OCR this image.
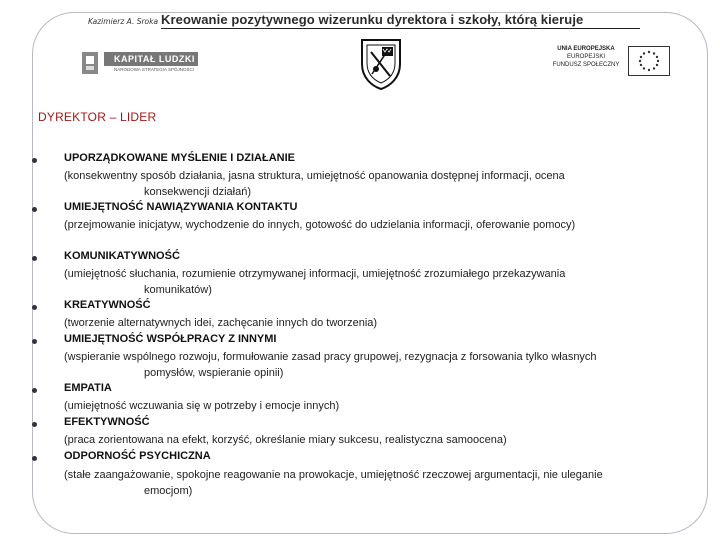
Kazimierz A. Sroka Kreowanie pozytywnego wizerunku dyrektora i szkoły, którą kieruje
KAPITAŁ LUDZKI
NARODOWA STRATEGIA SPÓJNOŚCI
UNIA EUROPEJSKA
EUROPEJSKI
FUNDUSZ SPOŁECZNY
DYREKTOR – LIDER
UPORZĄDKOWANE MYŚLENIE I DZIAŁANIE
(konsekwentny sposób działania, jasna struktura, umiejętność opanowania dostępnej informacji, ocena konsekwencji działań)
UMIEJĘTNOŚĆ NAWIĄZYWANIA KONTAKTU
(przejmowanie inicjatyw, wychodzenie do innych, gotowość do udzielania informacji, oferowanie pomocy)
KOMUNIKATYWNOŚĆ
(umiejętność słuchania, rozumienie otrzymywanej informacji, umiejętność zrozumiałego przekazywania komunikatów)
KREATYWNOŚĆ
(tworzenie alternatywnych idei, zachęcanie innych do tworzenia)
UMIEJĘTNOŚĆ WSPÓŁPRACY Z INNYMI
(wspieranie wspólnego rozwoju, formułowanie zasad pracy grupowej, rezygnacja z forsowania tylko własnych pomysłów, wspieranie opinii)
EMPATIA
(umiejętność wczuwania się w potrzeby i emocje innych)
EFEKTYWNOŚĆ
(praca zorientowana na efekt, korzyść, określanie miary sukcesu, realistyczna samoocena)
ODPORNOŚĆ PSYCHICZNA
(stałe zaangażowanie, spokojne reagowanie na prowokacje, umiejętność rzeczowej argumentacji, nie uleganie emocjom)
